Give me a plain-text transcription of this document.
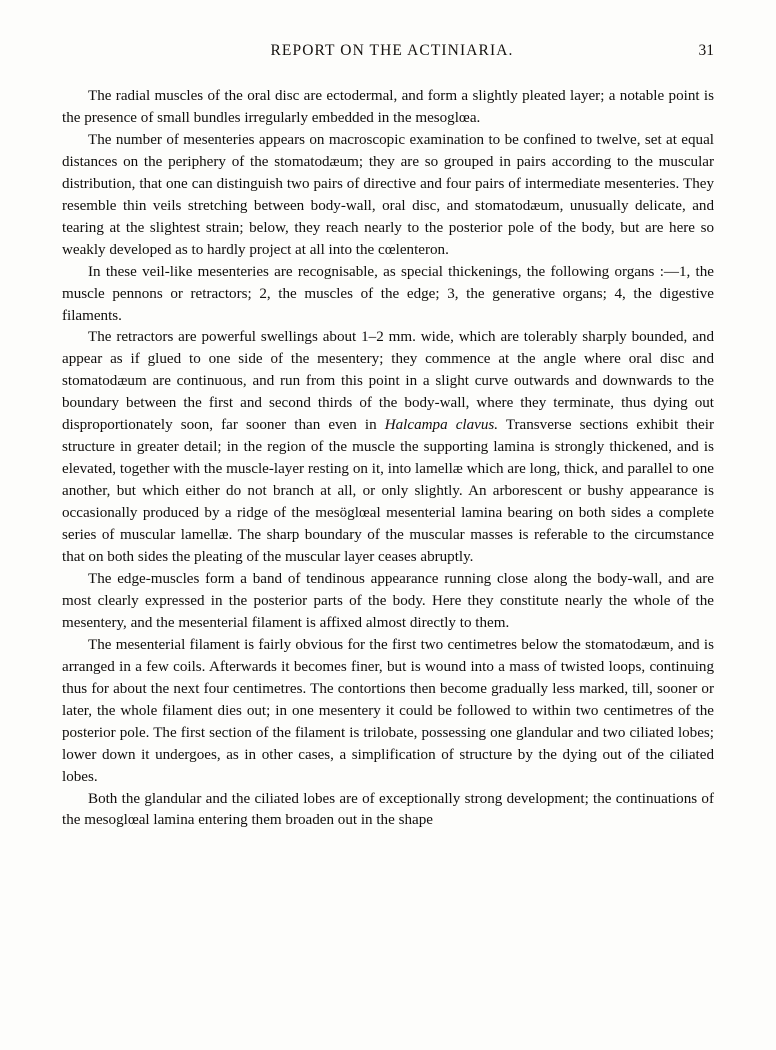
REPORT ON THE ACTINIARIA.	31

The radial muscles of the oral disc are ectodermal, and form a slightly pleated layer; a notable point is the presence of small bundles irregularly embedded in the mesoglœa.

The number of mesenteries appears on macroscopic examination to be confined to twelve, set at equal distances on the periphery of the stomatodæum; they are so grouped in pairs according to the muscular distribution, that one can distinguish two pairs of directive and four pairs of intermediate mesenteries. They resemble thin veils stretching between body-wall, oral disc, and stomatodæum, unusually delicate, and tearing at the slightest strain; below, they reach nearly to the posterior pole of the body, but are here so weakly developed as to hardly project at all into the cœlenteron.

In these veil-like mesenteries are recognisable, as special thickenings, the following organs :—1, the muscle pennons or retractors; 2, the muscles of the edge; 3, the generative organs; 4, the digestive filaments.

The retractors are powerful swellings about 1–2 mm. wide, which are tolerably sharply bounded, and appear as if glued to one side of the mesentery; they commence at the angle where oral disc and stomatodæum are continuous, and run from this point in a slight curve outwards and downwards to the boundary between the first and second thirds of the body-wall, where they terminate, thus dying out disproportionately soon, far sooner than even in Halcampa clavus. Transverse sections exhibit their structure in greater detail; in the region of the muscle the supporting lamina is strongly thickened, and is elevated, together with the muscle-layer resting on it, into lamellæ which are long, thick, and parallel to one another, but which either do not branch at all, or only slightly. An arborescent or bushy appearance is occasionally produced by a ridge of the mesöglœal mesenterial lamina bearing on both sides a complete series of muscular lamellæ. The sharp boundary of the muscular masses is referable to the circumstance that on both sides the pleating of the muscular layer ceases abruptly.

The edge-muscles form a band of tendinous appearance running close along the body-wall, and are most clearly expressed in the posterior parts of the body. Here they constitute nearly the whole of the mesentery, and the mesenterial filament is affixed almost directly to them.

The mesenterial filament is fairly obvious for the first two centimetres below the stomatodæum, and is arranged in a few coils. Afterwards it becomes finer, but is wound into a mass of twisted loops, continuing thus for about the next four centimetres. The contortions then become gradually less marked, till, sooner or later, the whole filament dies out; in one mesentery it could be followed to within two centimetres of the posterior pole. The first section of the filament is trilobate, possessing one glandular and two ciliated lobes; lower down it undergoes, as in other cases, a simplification of structure by the dying out of the ciliated lobes.

Both the glandular and the ciliated lobes are of exceptionally strong development; the continuations of the mesoglœal lamina entering them broaden out in the shape
